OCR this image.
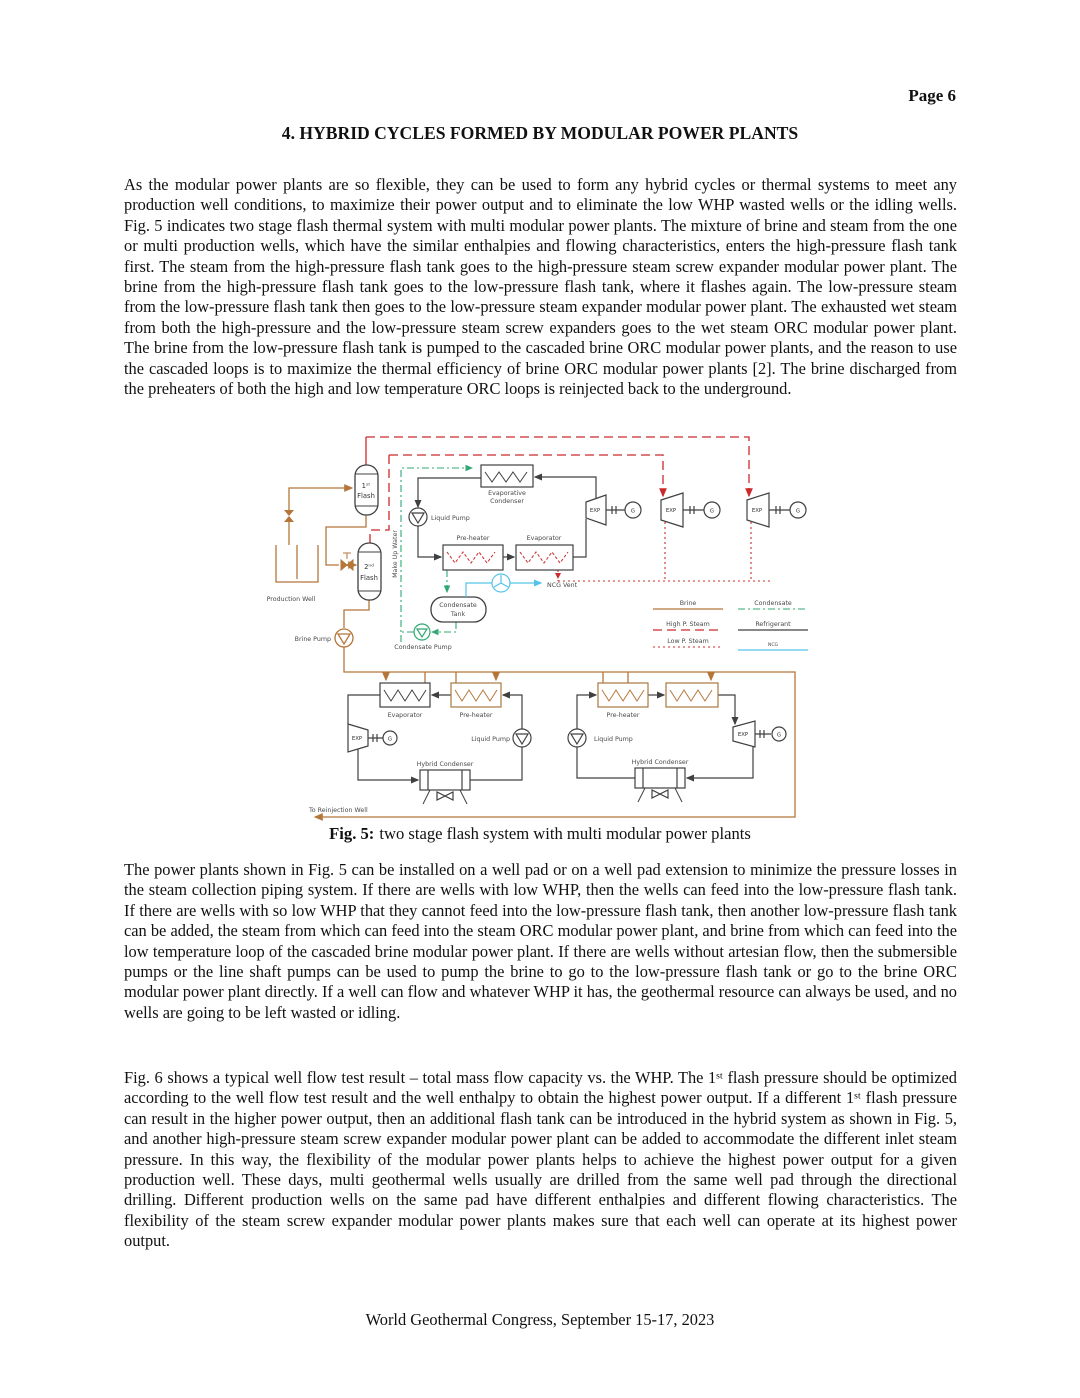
Page 6
4. HYBRID CYCLES FORMED BY MODULAR POWER PLANTS

As the modular power plants are so flexible, they can be used to form any hybrid cycles or thermal systems to meet any production well conditions, to maximize their power output and to eliminate the low WHP wasted wells or the idling wells. Fig. 5 indicates two stage flash thermal system with multi modular power plants. The mixture of brine and steam from the one or multi production wells, which have the similar enthalpies and flowing characteristics, enters the high-pressure flash tank first. The steam from the high-pressure flash tank goes to the high-pressure steam screw expander modular power plant. The brine from the high-pressure flash tank goes to the low-pressure flash tank, where it flashes again. The low-pressure steam from the low-pressure flash tank then goes to the low-pressure steam expander modular power plant. The exhausted wet steam from both the high-pressure and the low-pressure steam screw expanders goes to the wet steam ORC modular power plant. The brine from the low-pressure flash tank is pumped to the cascaded brine ORC modular power plants, and the reason to use the cascaded loops is to maximize the thermal efficiency of brine ORC modular power plants [2]. The brine discharged from the preheaters of both the high and low temperature ORC loops is reinjected back to the underground.

1ˢᵗ
Flash
2ⁿᵈ
Flash
Condensate
Tank
Evaporative
Condenser
EXP	G	EXP	G	EXP	G
Brine
High P. Steam
Low P. Steam
Condensate
Refrigerant
NCG
Evaporator	Pre-heater
EXP	G
Hybrid Condenser
Pre-heater
EXP	G
Hybrid Condenser
Production Well
Brine Pump
Make Up Water
Liquid Pump
Pre-heater	Evaporator
NCG Vent
Condensate Pump
Liquid Pump	Liquid Pump
To Reinjection Well
Fig. 5: two stage flash system with multi modular power plants

The power plants shown in Fig. 5 can be installed on a well pad or on a well pad extension to minimize the pressure losses in the steam collection piping system. If there are wells with low WHP, then the wells can feed into the low-pressure flash tank. If there are wells with so low WHP that they cannot feed into the low-pressure flash tank, then another low-pressure flash tank can be added, the steam from which can feed into the steam ORC modular power plant, and brine from which can feed into the low temperature loop of the cascaded brine modular power plant. If there are wells without artesian flow, then the submersible pumps or the line shaft pumps can be used to pump the brine to go to the low-pressure flash tank or go to the brine ORC modular power plant directly. If a well can flow and whatever WHP it has, the geothermal resource can always be used, and no wells are going to be left wasted or idling.

Fig. 6 shows a typical well flow test result – total mass flow capacity vs. the WHP. The 1ˢᵗ flash pressure should be optimized according to the well flow test result and the well enthalpy to obtain the highest power output. If a different 1ˢᵗ flash pressure can result in the higher power output, then an additional flash tank can be introduced in the hybrid system as shown in Fig. 5, and another high-pressure steam screw expander modular power plant can be added to accommodate the different inlet steam pressure. In this way, the flexibility of the modular power plants helps to achieve the highest power output for a given production well. These days, multi geothermal wells usually are drilled from the same well pad through the directional drilling. Different production wells on the same pad have different enthalpies and different flowing characteristics. The flexibility of the steam screw expander modular power plants makes sure that each well can operate at its highest power output.

World Geothermal Congress, September 15-17, 2023
